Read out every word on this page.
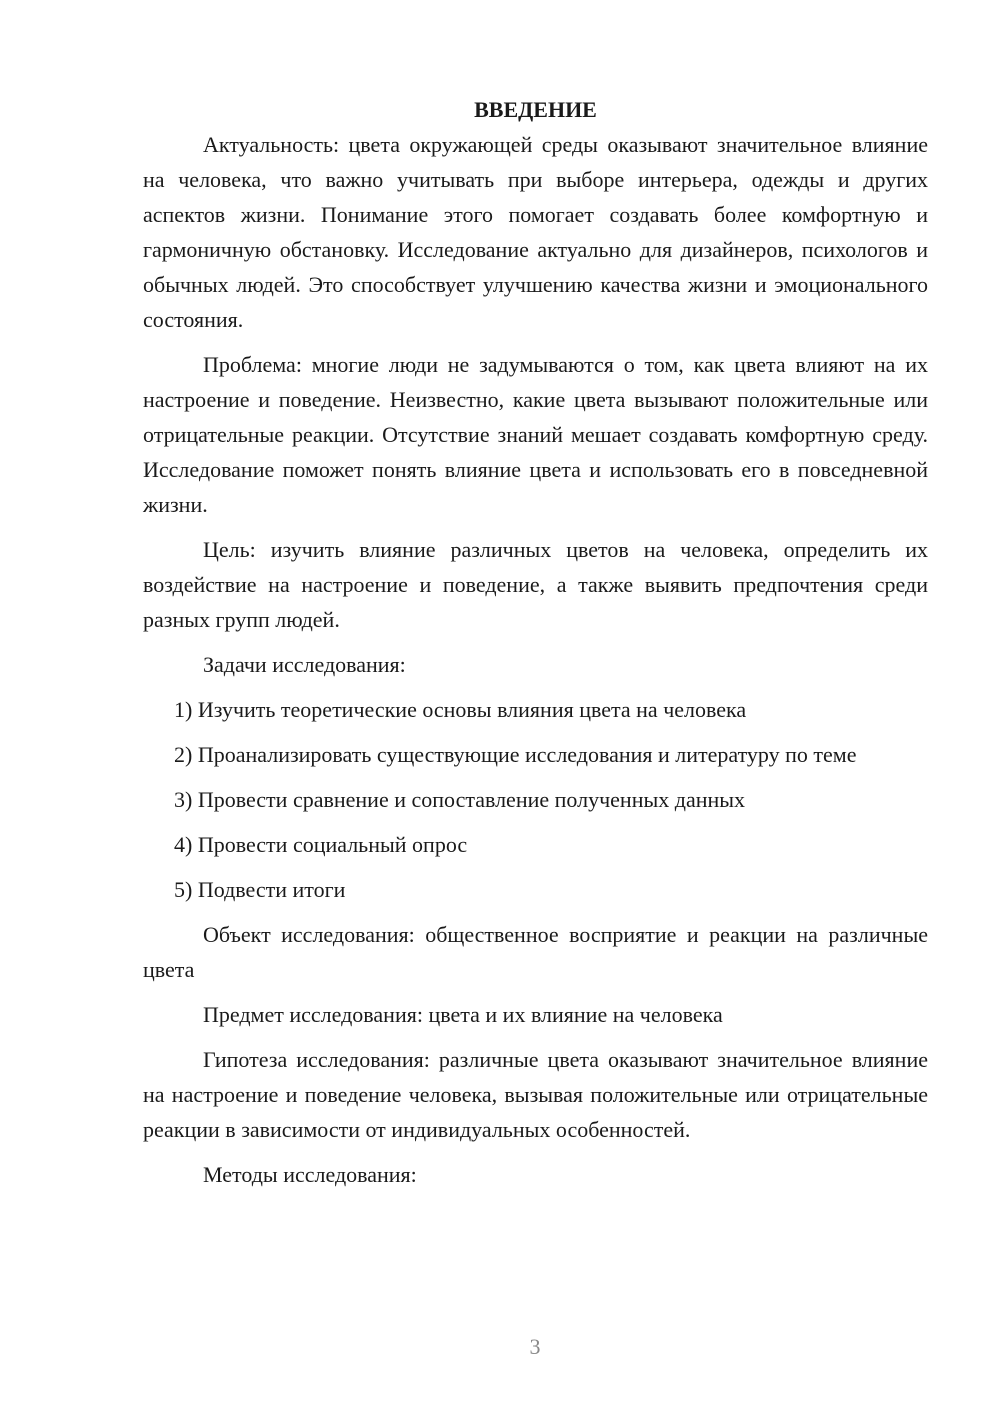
ВВЕДЕНИЕ

Актуальность: цвета окружающей среды оказывают значительное влияние на человека, что важно учитывать при выборе интерьера, одежды и других аспектов жизни. Понимание этого помогает создавать более комфортную и гармоничную обстановку. Исследование актуально для дизайнеров, психологов и обычных людей. Это способствует улучшению качества жизни и эмоционального состояния.

Проблема: многие люди не задумываются о том, как цвета влияют на их настроение и поведение. Неизвестно, какие цвета вызывают положительные или отрицательные реакции. Отсутствие знаний мешает создавать комфортную среду. Исследование поможет понять влияние цвета и использовать его в повседневной жизни.

Цель: изучить влияние различных цветов на человека, определить их воздействие на настроение и поведение, а также выявить предпочтения среди разных групп людей.

Задачи исследования:

1) Изучить теоретические основы влияния цвета на человека

2) Проанализировать существующие исследования и литературу по теме

3) Провести сравнение и сопоставление полученных данных

4) Провести социальный опрос

5) Подвести итоги

Объект исследования: общественное восприятие и реакции на различные цвета

Предмет исследования: цвета и их влияние на человека

Гипотеза исследования: различные цвета оказывают значительное влияние на настроение и поведение человека, вызывая положительные или отрицательные реакции в зависимости от индивидуальных особенностей.

Методы исследования:

3
